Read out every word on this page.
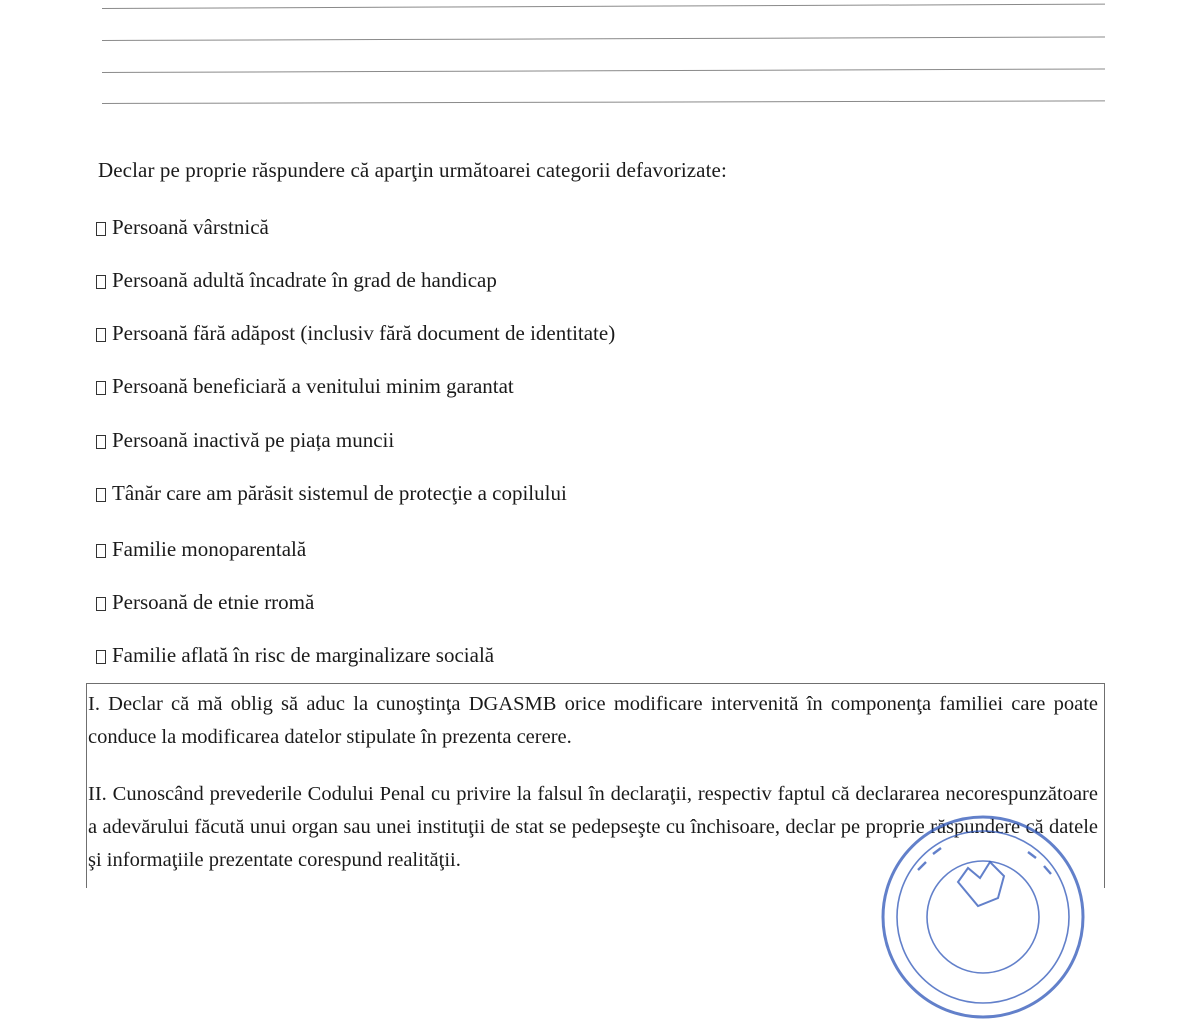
Declar pe proprie răspundere că aparţin următoarei categorii defavorizate:
Persoană vârstnică
Persoană adultă încadrate în grad de handicap
Persoană fără adăpost (inclusiv fără document de identitate)
Persoană beneficiară a venitului minim garantat
Persoană inactivă pe piața muncii
Tânăr care am părăsit sistemul de protecţie a copilului
Familie monoparentală
Persoană de etnie rromă
Familie aflată în risc de marginalizare socială
I. Declar că mă oblig să aduc la cunoştinţa DGASMB orice modificare intervenită în componenţa familiei care poate conduce la modificarea datelor stipulate în prezenta cerere.
II. Cunoscând prevederile Codului Penal cu privire la falsul în declaraţii, respectiv faptul că declararea necorespunzătoare a adevărului făcută unui organ sau unei instituţii de stat se pedepseşte cu închisoare, declar pe proprie răspundere că datele şi informaţiile prezentate corespund realităţii.
